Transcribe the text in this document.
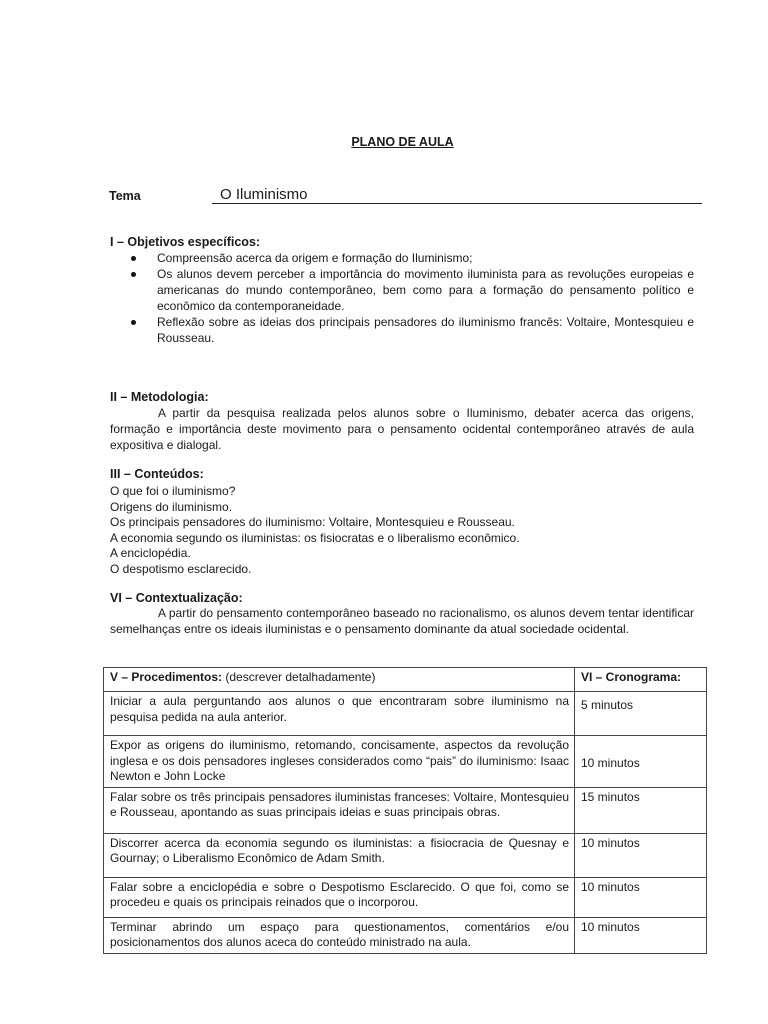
PLANO DE AULA
Tema	O Iluminismo
I – Objetivos específicos:
Compreensão acerca da origem e formação do Iluminismo;
Os alunos devem perceber a importância do movimento iluminista para as revoluções europeias e americanas do mundo contemporâneo, bem como para a formação do pensamento político e econômico da contemporaneidade.
Reflexão sobre as ideias dos principais pensadores do iluminismo francês: Voltaire, Montesquieu e Rousseau.
II – Metodologia:
A partir da pesquisa realizada pelos alunos sobre o Iluminismo, debater acerca das origens, formação e importância deste movimento para o pensamento ocidental contemporâneo através de aula expositiva e dialogal.
III – Conteúdos:
O que foi o iluminismo?
Origens do iluminismo.
Os principais pensadores do iluminismo: Voltaire, Montesquieu e Rousseau.
A economia segundo os iluministas: os fisiocratas e o liberalismo econômico.
A enciclopédia.
O despotismo esclarecido.
VI – Contextualização:
A partir do pensamento contemporâneo baseado no racionalismo, os alunos devem tentar identificar semelhanças entre os ideais iluministas e o pensamento dominante da atual sociedade ocidental.
V – Procedimentos: (descrever detalhadamente)	VI – Cronograma:
Iniciar a aula perguntando aos alunos o que encontraram sobre iluminismo na pesquisa pedida na aula anterior.	5 minutos

Expor as origens do iluminismo, retomando, concisamente, aspectos da revolução inglesa e os dois pensadores ingleses considerados como “pais” do iluminismo: Isaac Newton e John Locke	10 minutos

Falar sobre os três principais pensadores iluministas franceses: Voltaire, Montesquieu e Rousseau, apontando as suas principais ideias e suas principais obras.	15 minutos
Discorrer acerca da economia segundo os iluministas: a fisiocracia de Quesnay e Gournay; o Liberalismo Econômico de Adam Smith.	10 minutos
Falar sobre a enciclopédia e sobre o Despotismo Esclarecido. O que foi, como se procedeu e quais os principais reinados que o incorporou.	10 minutos
Terminar abrindo um espaço para questionamentos, comentários e/ou posicionamentos dos alunos aceca do conteúdo ministrado na aula.	10 minutos
